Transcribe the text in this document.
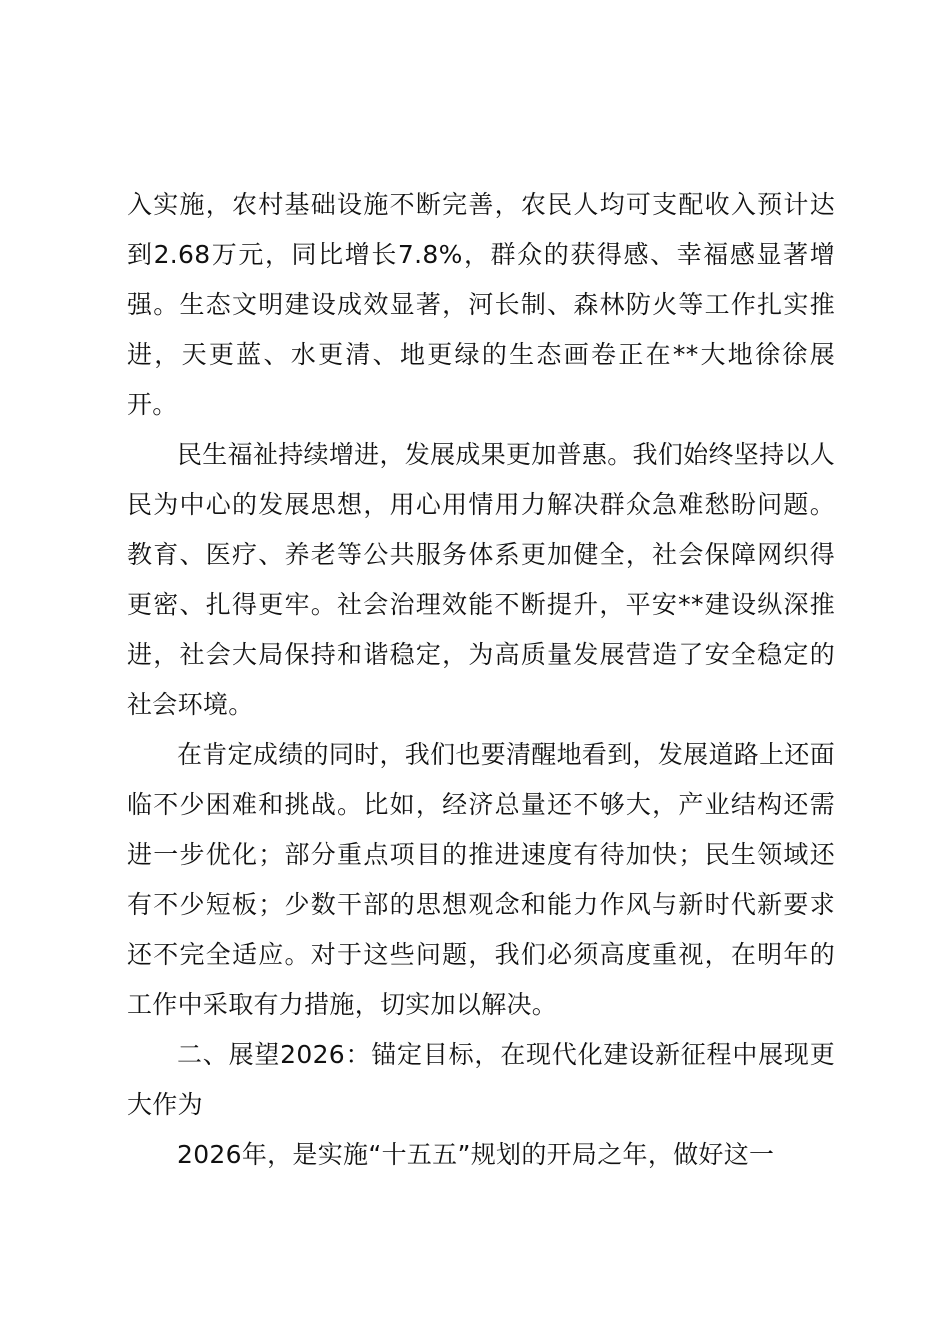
入实施，农村基础设施不断完善，农民人均可支配收入预计达到2.68万元，同比增长7.8%，群众的获得感、幸福感显著增强。生态文明建设成效显著，河长制、森林防火等工作扎实推进，天更蓝、水更清、地更绿的生态画卷正在**大地徐徐展开。

民生福祉持续增进，发展成果更加普惠。我们始终坚持以人民为中心的发展思想，用心用情用力解决群众急难愁盼问题。教育、医疗、养老等公共服务体系更加健全，社会保障网织得更密、扎得更牢。社会治理效能不断提升，平安**建设纵深推进，社会大局保持和谐稳定，为高质量发展营造了安全稳定的社会环境。

在肯定成绩的同时，我们也要清醒地看到，发展道路上还面临不少困难和挑战。比如，经济总量还不够大，产业结构还需进一步优化；部分重点项目的推进速度有待加快；民生领域还有不少短板；少数干部的思想观念和能力作风与新时代新要求还不完全适应。对于这些问题，我们必须高度重视，在明年的工作中采取有力措施，切实加以解决。

二、展望2026：锚定目标，在现代化建设新征程中展现更大作为

2026年，是实施“十五五”规划的开局之年，做好这一
